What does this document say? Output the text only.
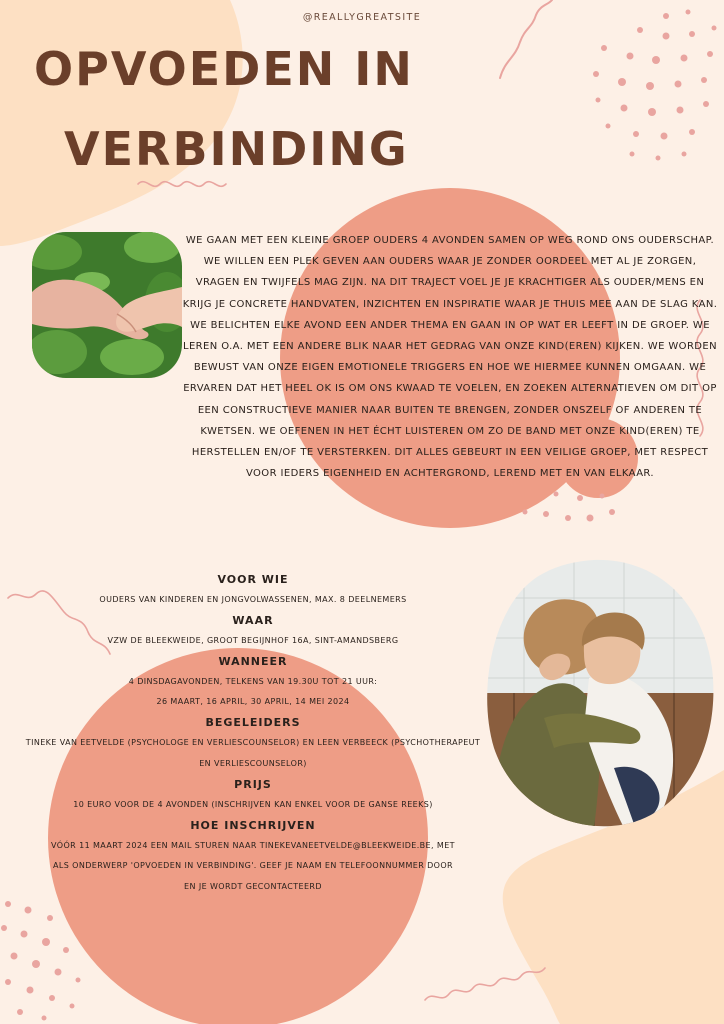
@REALLYGREATSITE
OPVOEDEN IN
VERBINDING

WE GAAN MET EEN KLEINE GROEP OUDERS 4 AVONDEN SAMEN OP WEG ROND ONS OUDERSCHAP. WE WILLEN EEN PLEK GEVEN AAN OUDERS WAAR JE ZONDER OORDEEL MET AL JE ZORGEN, VRAGEN EN TWIJFELS MAG ZIJN. NA DIT TRAJECT VOEL JE JE KRACHTIGER ALS OUDER/MENS EN KRIJG JE CONCRETE HANDVATEN, INZICHTEN EN INSPIRATIE WAAR JE THUIS MEE AAN DE SLAG KAN.

WE BELICHTEN ELKE AVOND EEN ANDER THEMA EN GAAN IN OP WAT ER LEEFT IN DE GROEP. WE LEREN O.A. MET EEN ANDERE BLIK NAAR HET GEDRAG VAN ONZE KIND(EREN) KIJKEN. WE WORDEN BEWUST VAN ONZE EIGEN EMOTIONELE TRIGGERS EN HOE WE HIERMEE KUNNEN OMGAAN. WE ERVAREN DAT HET HEEL OK IS OM ONS KWAAD TE VOELEN, EN ZOEKEN ALTERNATIEVEN OM DIT OP EEN CONSTRUCTIEVE MANIER NAAR BUITEN TE BRENGEN, ZONDER ONSZELF OF ANDEREN TE KWETSEN. WE OEFENEN IN HET ÉCHT LUISTEREN OM ZO DE BAND MET ONZE KIND(EREN) TE HERSTELLEN EN/OF TE VERSTERKEN. DIT ALLES GEBEURT IN EEN VEILIGE GROEP, MET RESPECT VOOR IEDERS EIGENHEID EN ACHTERGROND, LEREND MET EN VAN ELKAAR.

VOOR WIE
OUDERS VAN KINDEREN EN JONGVOLWASSENEN, MAX. 8 DEELNEMERS
WAAR
VZW DE BLEEKWEIDE, GROOT BEGIJNHOF 16A, SINT-AMANDSBERG
WANNEER
4 DINSDAGAVONDEN, TELKENS VAN 19.30U TOT 21 UUR:
26 MAART, 16 APRIL, 30 APRIL, 14 MEI 2024
BEGELEIDERS
TINEKE VAN EETVELDE (PSYCHOLOGE EN VERLIESCOUNSELOR) EN LEEN VERBEECK (PSYCHOTHERAPEUT EN VERLIESCOUNSELOR)
PRIJS
10 EURO VOOR DE 4 AVONDEN (INSCHRIJVEN KAN ENKEL VOOR DE GANSE REEKS)
HOE INSCHRIJVEN
VÓÓR 11 MAART 2024 EEN MAIL STUREN NAAR TINEKEVANEETVELDE@BLEEKWEIDE.BE, MET ALS ONDERWERP 'OPVOEDEN IN VERBINDING'. GEEF JE NAAM EN TELEFOONNUMMER DOOR EN JE WORDT GECONTACTEERD
